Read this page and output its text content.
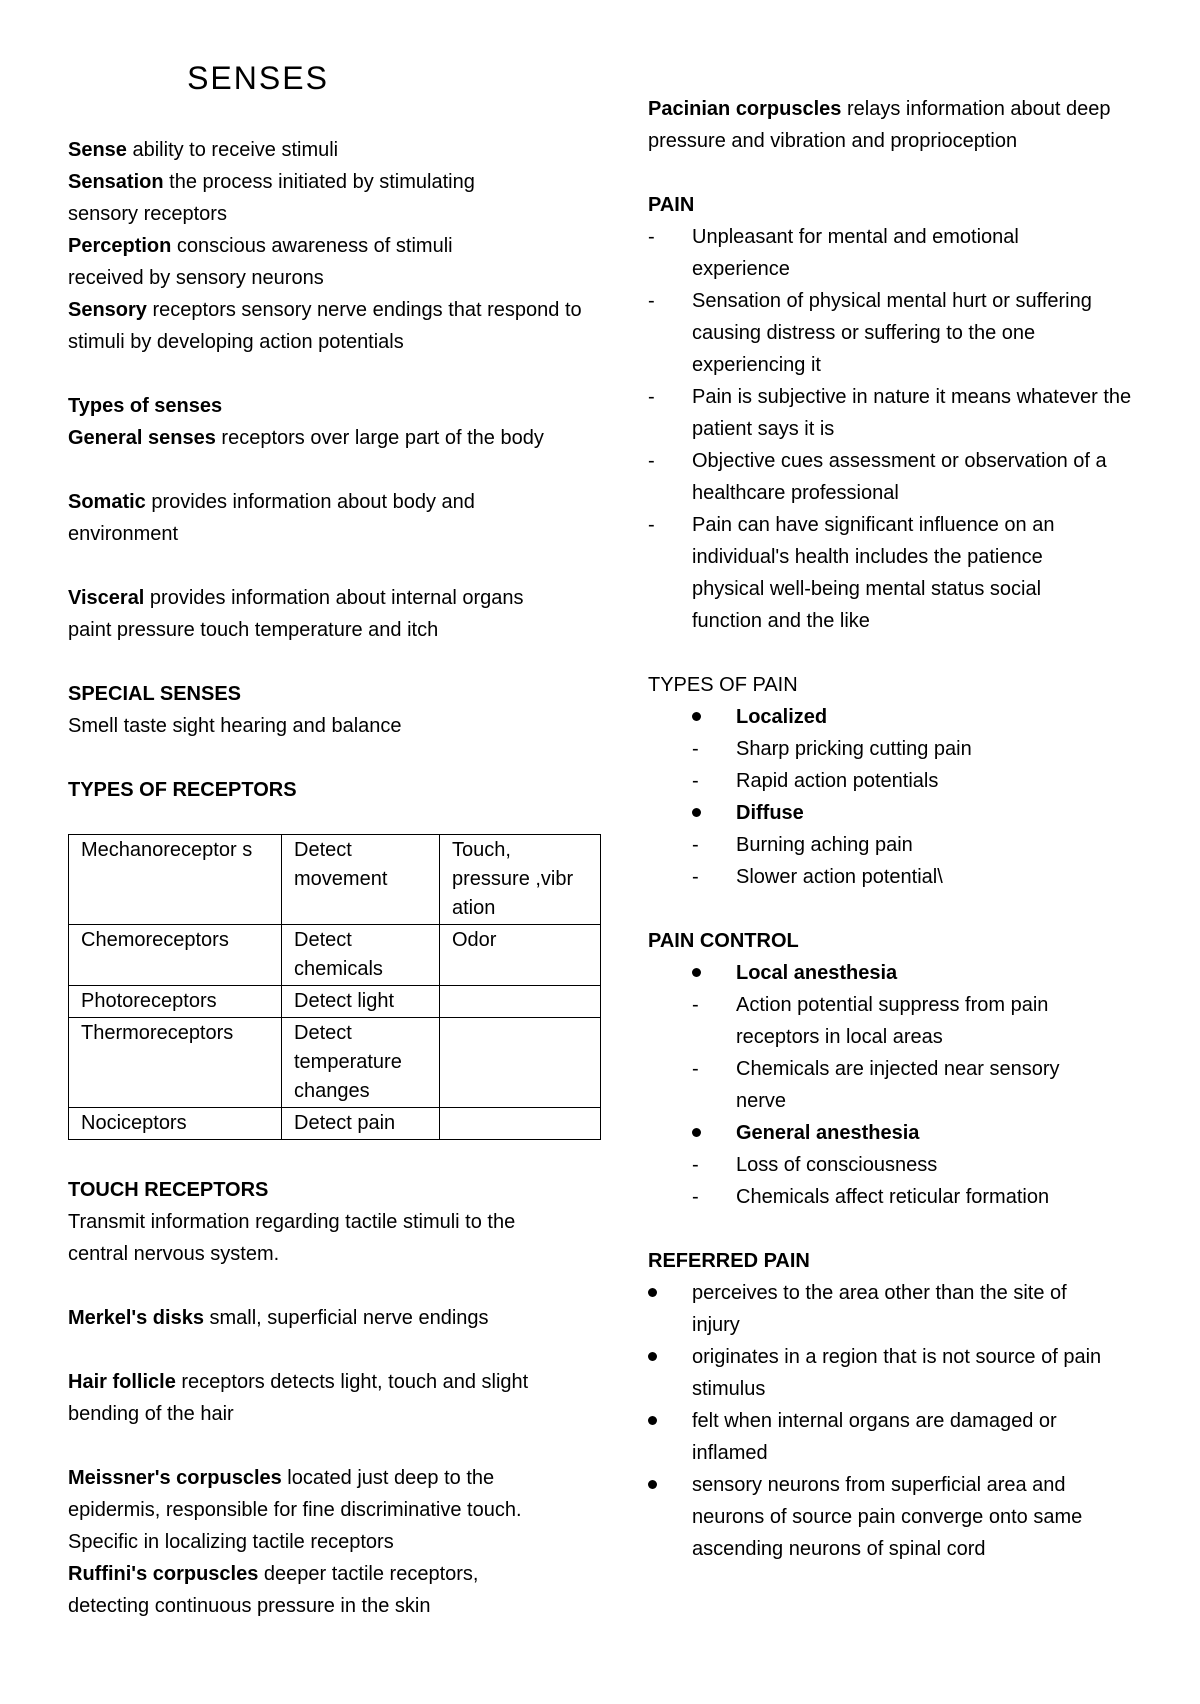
SENSES

Sense ability to receive stimuli

Sensation the process initiated by stimulating sensory receptors

Perception conscious awareness of stimuli received by sensory neurons

Sensory receptors sensory nerve endings that respond to stimuli by developing action potentials

Types of senses

General senses receptors over large part of the body

Somatic provides information about body and environment

Visceral provides information about internal organs paint pressure touch temperature and itch

SPECIAL SENSES

Smell taste sight hearing and balance

TYPES OF RECEPTORS

Mechanoreceptor s	Detect movement	Touch, pressure ,vibr ation
Chemoreceptors	Detect chemicals	Odor
Photoreceptors	Detect light	
Thermoreceptors	Detect temperature changes	
Nociceptors	Detect pain	

TOUCH RECEPTORS

Transmit information regarding tactile stimuli to the central nervous system.

Merkel's disks small, superficial nerve endings

Hair follicle receptors detects light, touch and slight bending of the hair

Meissner's corpuscles located just deep to the epidermis, responsible for fine discriminative touch. Specific in localizing tactile receptors

Ruffini's corpuscles deeper tactile receptors, detecting continuous pressure in the skin

Pacinian corpuscles relays information about deep pressure and vibration and proprioception

PAIN

-	Unpleasant for mental and emotional experience
-	Sensation of physical mental hurt or suffering causing distress or suffering to the one experiencing it
-	Pain is subjective in nature it means whatever the patient says it is
-	Objective cues assessment or observation of a healthcare professional
-	Pain can have significant influence on an individual's health includes the patience physical well-being mental status social function and the like

TYPES OF PAIN

Localized
-	Sharp pricking cutting pain
-	Rapid action potentials
Diffuse
-	Burning aching pain
-	Slower action potential\

PAIN CONTROL

Local anesthesia
-	Action potential suppress from pain receptors in local areas
-	Chemicals are injected near sensory nerve
General anesthesia
-	Loss of consciousness
-	Chemicals affect reticular formation

REFERRED PAIN

perceives to the area other than the site of injury
originates in a region that is not source of pain stimulus
felt when internal organs are damaged or inflamed
sensory neurons from superficial area and neurons of source pain converge onto same ascending neurons of spinal cord
